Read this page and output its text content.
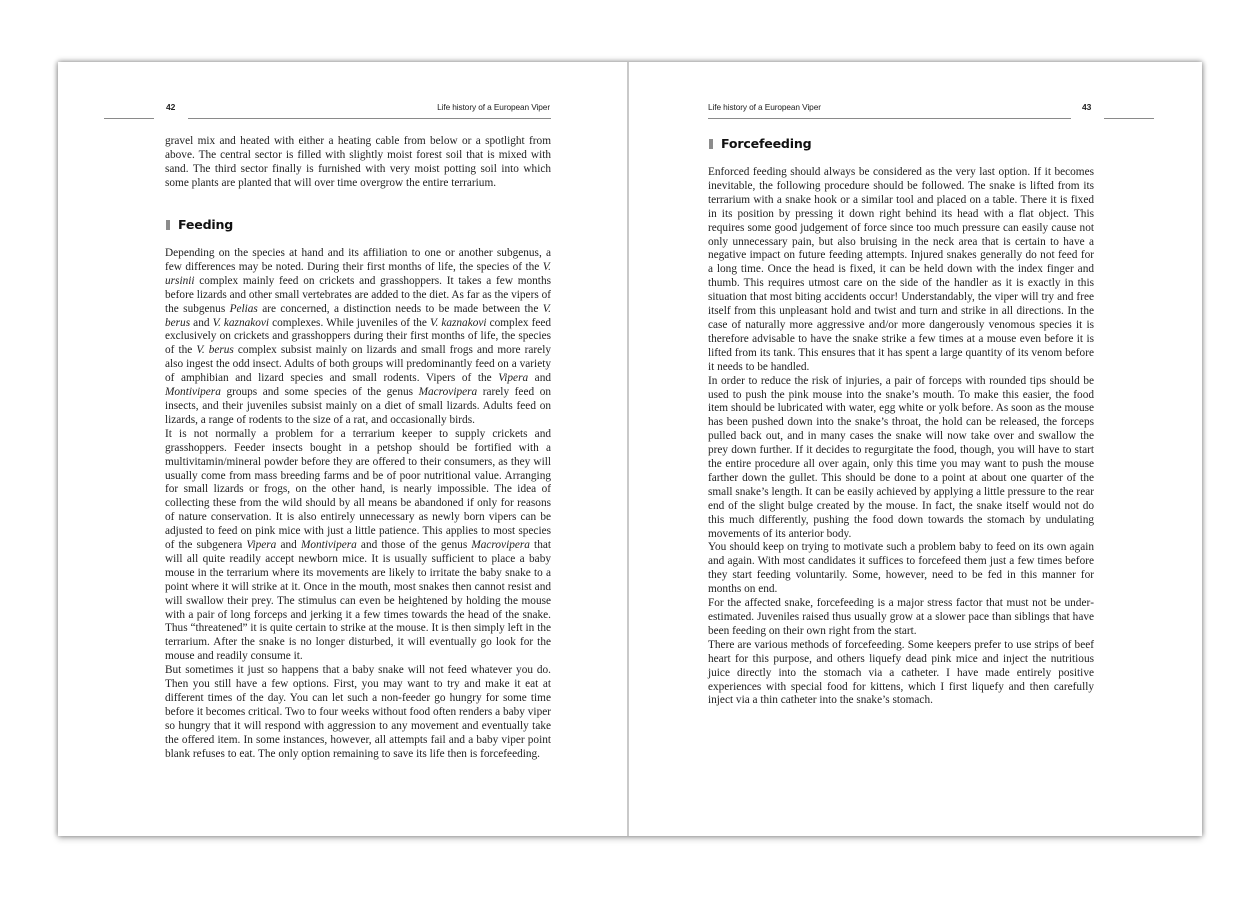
42	Life history of a European Viper

gravel mix and heated with either a heating cable from below or a spotlight from above. The central sector is filled with slightly moist forest soil that is mixed with sand. The third sector finally is furnished with very moist potting soil into which some plants are planted that will over time overgrow the entire terrarium.

Feeding

Depending on the species at hand and its affiliation to one or another subgenus, a few differences may be noted. During their first months of life, the species of the V. ursinii complex mainly feed on crickets and grasshoppers. It takes a few months before lizards and other small vertebrates are added to the diet. As far as the vipers of the subgenus Pelias are concerned, a distinction needs to be made between the V. berus and V. kaznakovi complexes. While juveniles of the V. kaznakovi complex feed exclusively on crickets and grasshoppers during their first months of life, the species of the V. berus complex subsist mainly on lizards and small frogs and more rarely also ingest the odd insect. Adults of both groups will predominantly feed on a variety of amphibian and lizard species and small rodents. Vipers of the Vipera and Montivipera groups and some species of the genus Macrovipera rarely feed on insects, and their juveniles subsist mainly on a diet of small lizards. Adults feed on lizards, a range of rodents to the size of a rat, and occasionally birds.

It is not normally a problem for a terrarium keeper to supply crickets and grasshoppers. Feeder insects bought in a petshop should be fortified with a multivitamin/mineral powder before they are offered to their consumers, as they will usually come from mass breeding farms and be of poor nutritional value. Arranging for small lizards or frogs, on the other hand, is nearly impossible. The idea of collecting these from the wild should by all means be abandoned if only for reasons of nature conservation. It is also entirely unnecessary as newly born vipers can be adjusted to feed on pink mice with just a little patience. This applies to most species of the subgenera Vipera and Montivipera and those of the genus Macrovipera that will all quite readily accept newborn mice. It is usually sufficient to place a baby mouse in the terrarium where its movements are likely to irritate the baby snake to a point where it will strike at it. Once in the mouth, most snakes then cannot resist and will swallow their prey. The stimulus can even be heightened by holding the mouse with a pair of long forceps and jerking it a few times towards the head of the snake. Thus “threatened” it is quite certain to strike at the mouse. It is then simply left in the terrarium. After the snake is no longer disturbed, it will eventually go look for the mouse and readily consume it.

But sometimes it just so happens that a baby snake will not feed whatever you do. Then you still have a few options. First, you may want to try and make it eat at different times of the day. You can let such a non-feeder go hungry for some time before it becomes critical. Two to four weeks without food often renders a baby viper so hungry that it will respond with aggression to any movement and eventually take the offered item. In some instances, however, all attempts fail and a baby viper point blank refuses to eat. The only option remaining to save its life then is forcefeeding.

Life history of a European Viper	43
Forcefeeding

Enforced feeding should always be considered as the very last option. If it becomes inevitable, the following procedure should be followed. The snake is lifted from its terrarium with a snake hook or a similar tool and placed on a table. There it is fixed in its position by pressing it down right behind its head with a flat object. This requires some good judgement of force since too much pressure can easily cause not only unnecessary pain, but also bruising in the neck area that is certain to have a negative impact on future feeding attempts. Injured snakes generally do not feed for a long time. Once the head is fixed, it can be held down with the index finger and thumb. This requires utmost care on the side of the handler as it is exactly in this situation that most biting accidents occur! Understandably, the viper will try and free itself from this unpleasant hold and twist and turn and strike in all directions. In the case of naturally more aggressive and/or more dangerously venomous species it is therefore advisable to have the snake strike a few times at a mouse even before it is lifted from its tank. This ensures that it has spent a large quantity of its venom before it needs to be handled.

In order to reduce the risk of injuries, a pair of forceps with rounded tips should be used to push the pink mouse into the snake’s mouth. To make this easier, the food item should be lubricated with water, egg white or yolk before. As soon as the mouse has been pushed down into the snake’s throat, the hold can be released, the forceps pulled back out, and in many cases the snake will now take over and swallow the prey down further. If it decides to regurgitate the food, though, you will have to start the entire procedure all over again, only this time you may want to push the mouse farther down the gullet. This should be done to a point at about one quarter of the small snake’s length. It can be easily achieved by applying a little pressure to the rear end of the slight bulge created by the mouse. In fact, the snake itself would not do this much differently, pushing the food down towards the stomach by undulating movements of its anterior body.

You should keep on trying to motivate such a problem baby to feed on its own again and again. With most candidates it suffices to forcefeed them just a few times before they start feeding voluntarily. Some, however, need to be fed in this manner for months on end.

For the affected snake, forcefeeding is a major stress factor that must not be underestimated. Juveniles raised thus usually grow at a slower pace than siblings that have been feeding on their own right from the start.

There are various methods of forcefeeding. Some keepers prefer to use strips of beef heart for this purpose, and others liquefy dead pink mice and inject the nutritious juice directly into the stomach via a catheter. I have made entirely positive experiences with special food for kittens, which I first liquefy and then carefully inject via a thin catheter into the snake’s stomach.
